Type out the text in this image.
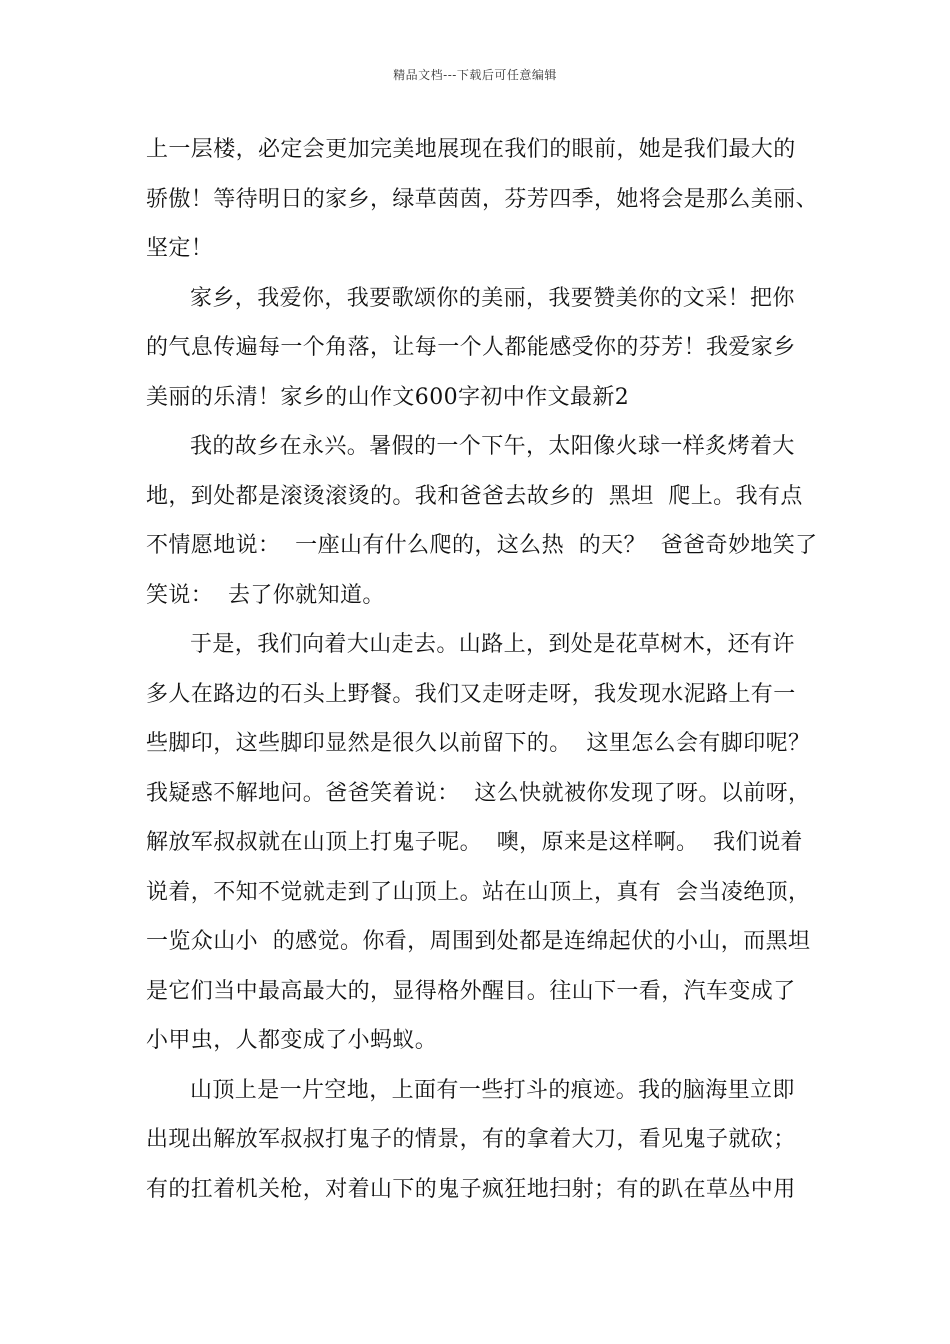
精品文档---下载后可任意编辑
上一层楼，必定会更加完美地展现在我们的眼前，她是我们最大的
骄傲！等待明日的家乡，绿草茵茵，芬芳四季，她将会是那么美丽、
坚定！
家乡，我爱你，我要歌颂你的美丽，我要赞美你的文采！把你
的气息传遍每一个角落，让每一个人都能感受你的芬芳！我爱家乡
美丽的乐清！家乡的山作文600字初中作文最新2
我的故乡在永兴。暑假的一个下午，太阳像火球一样炙烤着大
地，到处都是滚烫滚烫的。我和爸爸去故乡的  黑坦  爬上。我有点
不情愿地说：  一座山有什么爬的，这么热  的天？  爸爸奇妙地笑了
笑说：  去了你就知道。
于是，我们向着大山走去。山路上，到处是花草树木，还有许
多人在路边的石头上野餐。我们又走呀走呀，我发现水泥路上有一
些脚印，这些脚印显然是很久以前留下的。  这里怎么会有脚印呢？
我疑惑不解地问。爸爸笑着说：  这么快就被你发现了呀。以前呀，
解放军叔叔就在山顶上打鬼子呢。  噢，原来是这样啊。  我们说着
说着，不知不觉就走到了山顶上。站在山顶上，真有  会当凌绝顶，
一览众山小  的感觉。你看，周围到处都是连绵起伏的小山，而黑坦
是它们当中最高最大的，显得格外醒目。往山下一看，汽车变成了
小甲虫，人都变成了小蚂蚁。
山顶上是一片空地，上面有一些打斗的痕迹。我的脑海里立即
出现出解放军叔叔打鬼子的情景，有的拿着大刀，看见鬼子就砍；
有的扛着机关枪，对着山下的鬼子疯狂地扫射；有的趴在草丛中用
